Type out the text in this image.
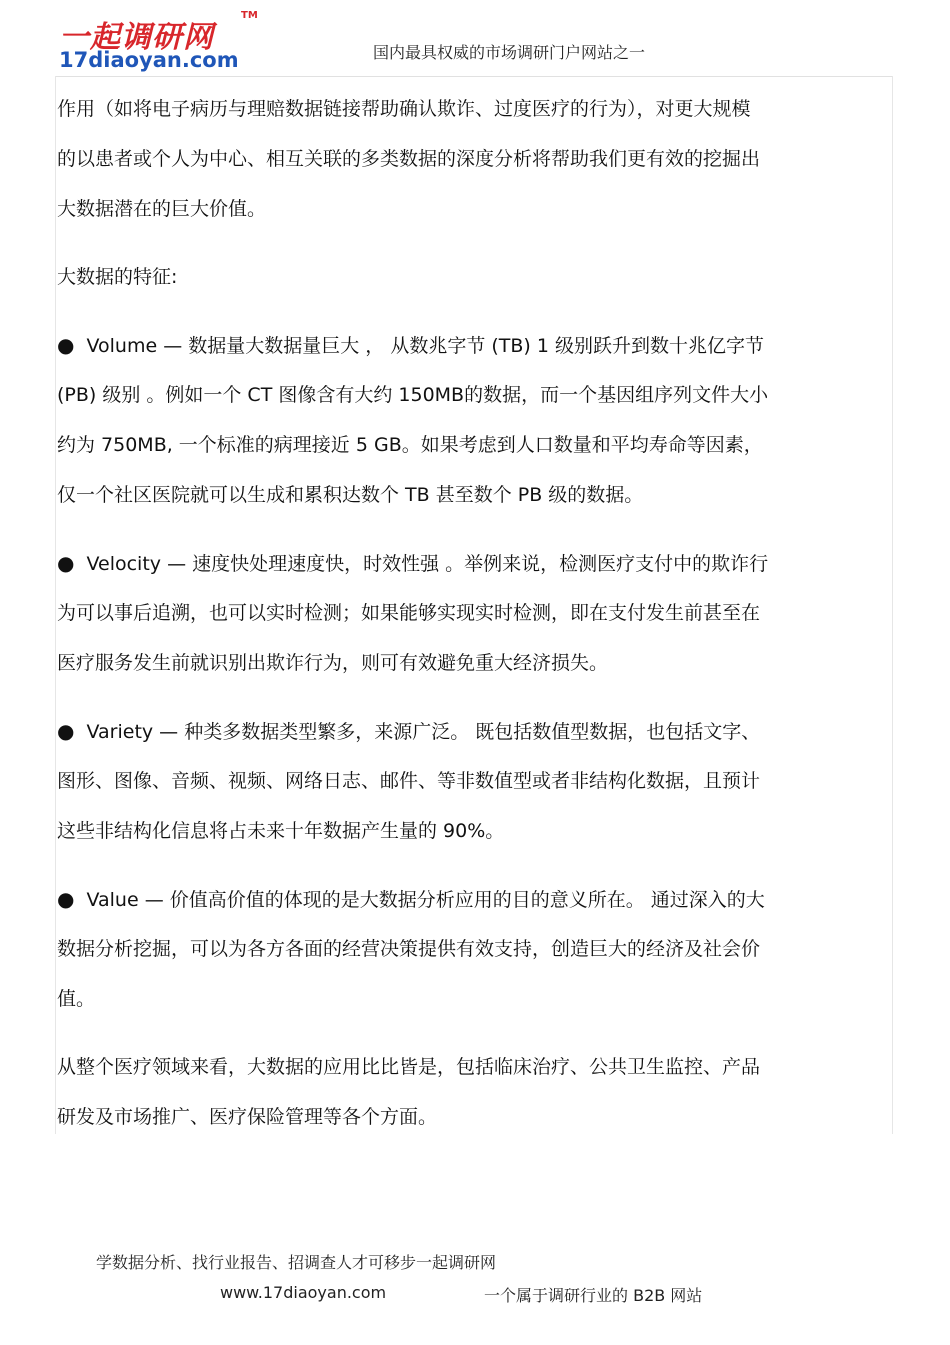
一起调研网
TM
17diaoyan.com	国内最具权威的市场调研门户网站之一
作用（如将电子病历与理赔数据链接帮助确认欺诈、过度医疗的行为），对更大规模
的以患者或个人为中心、相互关联的多类数据的深度分析将帮助我们更有效的挖掘出
大数据潜在的巨大价值。
大数据的特征:
● Volume — 数据量大数据量巨大 ， 从数兆字节 (TB) 1 级别跃升到数十兆亿字节
(PB) 级别 。例如一个 CT 图像含有大约 150MB的数据，而一个基因组序列文件大小
约为 750MB, 一个标准的病理接近 5 GB。如果考虑到人口数量和平均寿命等因素，
仅一个社区医院就可以生成和累积达数个 TB 甚至数个 PB 级的数据。
● Velocity — 速度快处理速度快，时效性强 。举例来说，检测医疗支付中的欺诈行
为可以事后追溯，也可以实时检测；如果能够实现实时检测，即在支付发生前甚至在
医疗服务发生前就识别出欺诈行为，则可有效避免重大经济损失。
● Variety — 种类多数据类型繁多，来源广泛。 既包括数值型数据，也包括文字、
图形、图像、音频、视频、网络日志、邮件、等非数值型或者非结构化数据，且预计
这些非结构化信息将占未来十年数据产生量的 90%。
● Value — 价值高价值的体现的是大数据分析应用的目的意义所在。 通过深入的大
数据分析挖掘，可以为各方各面的经营决策提供有效支持，创造巨大的经济及社会价
值。
从整个医疗领域来看，大数据的应用比比皆是，包括临床治疗、公共卫生监控、产品
研发及市场推广、医疗保险管理等各个方面。
学数据分析、找行业报告、招调查人才可移步一起调研网
www.17diaoyan.com	一个属于调研行业的 B2B 网站
